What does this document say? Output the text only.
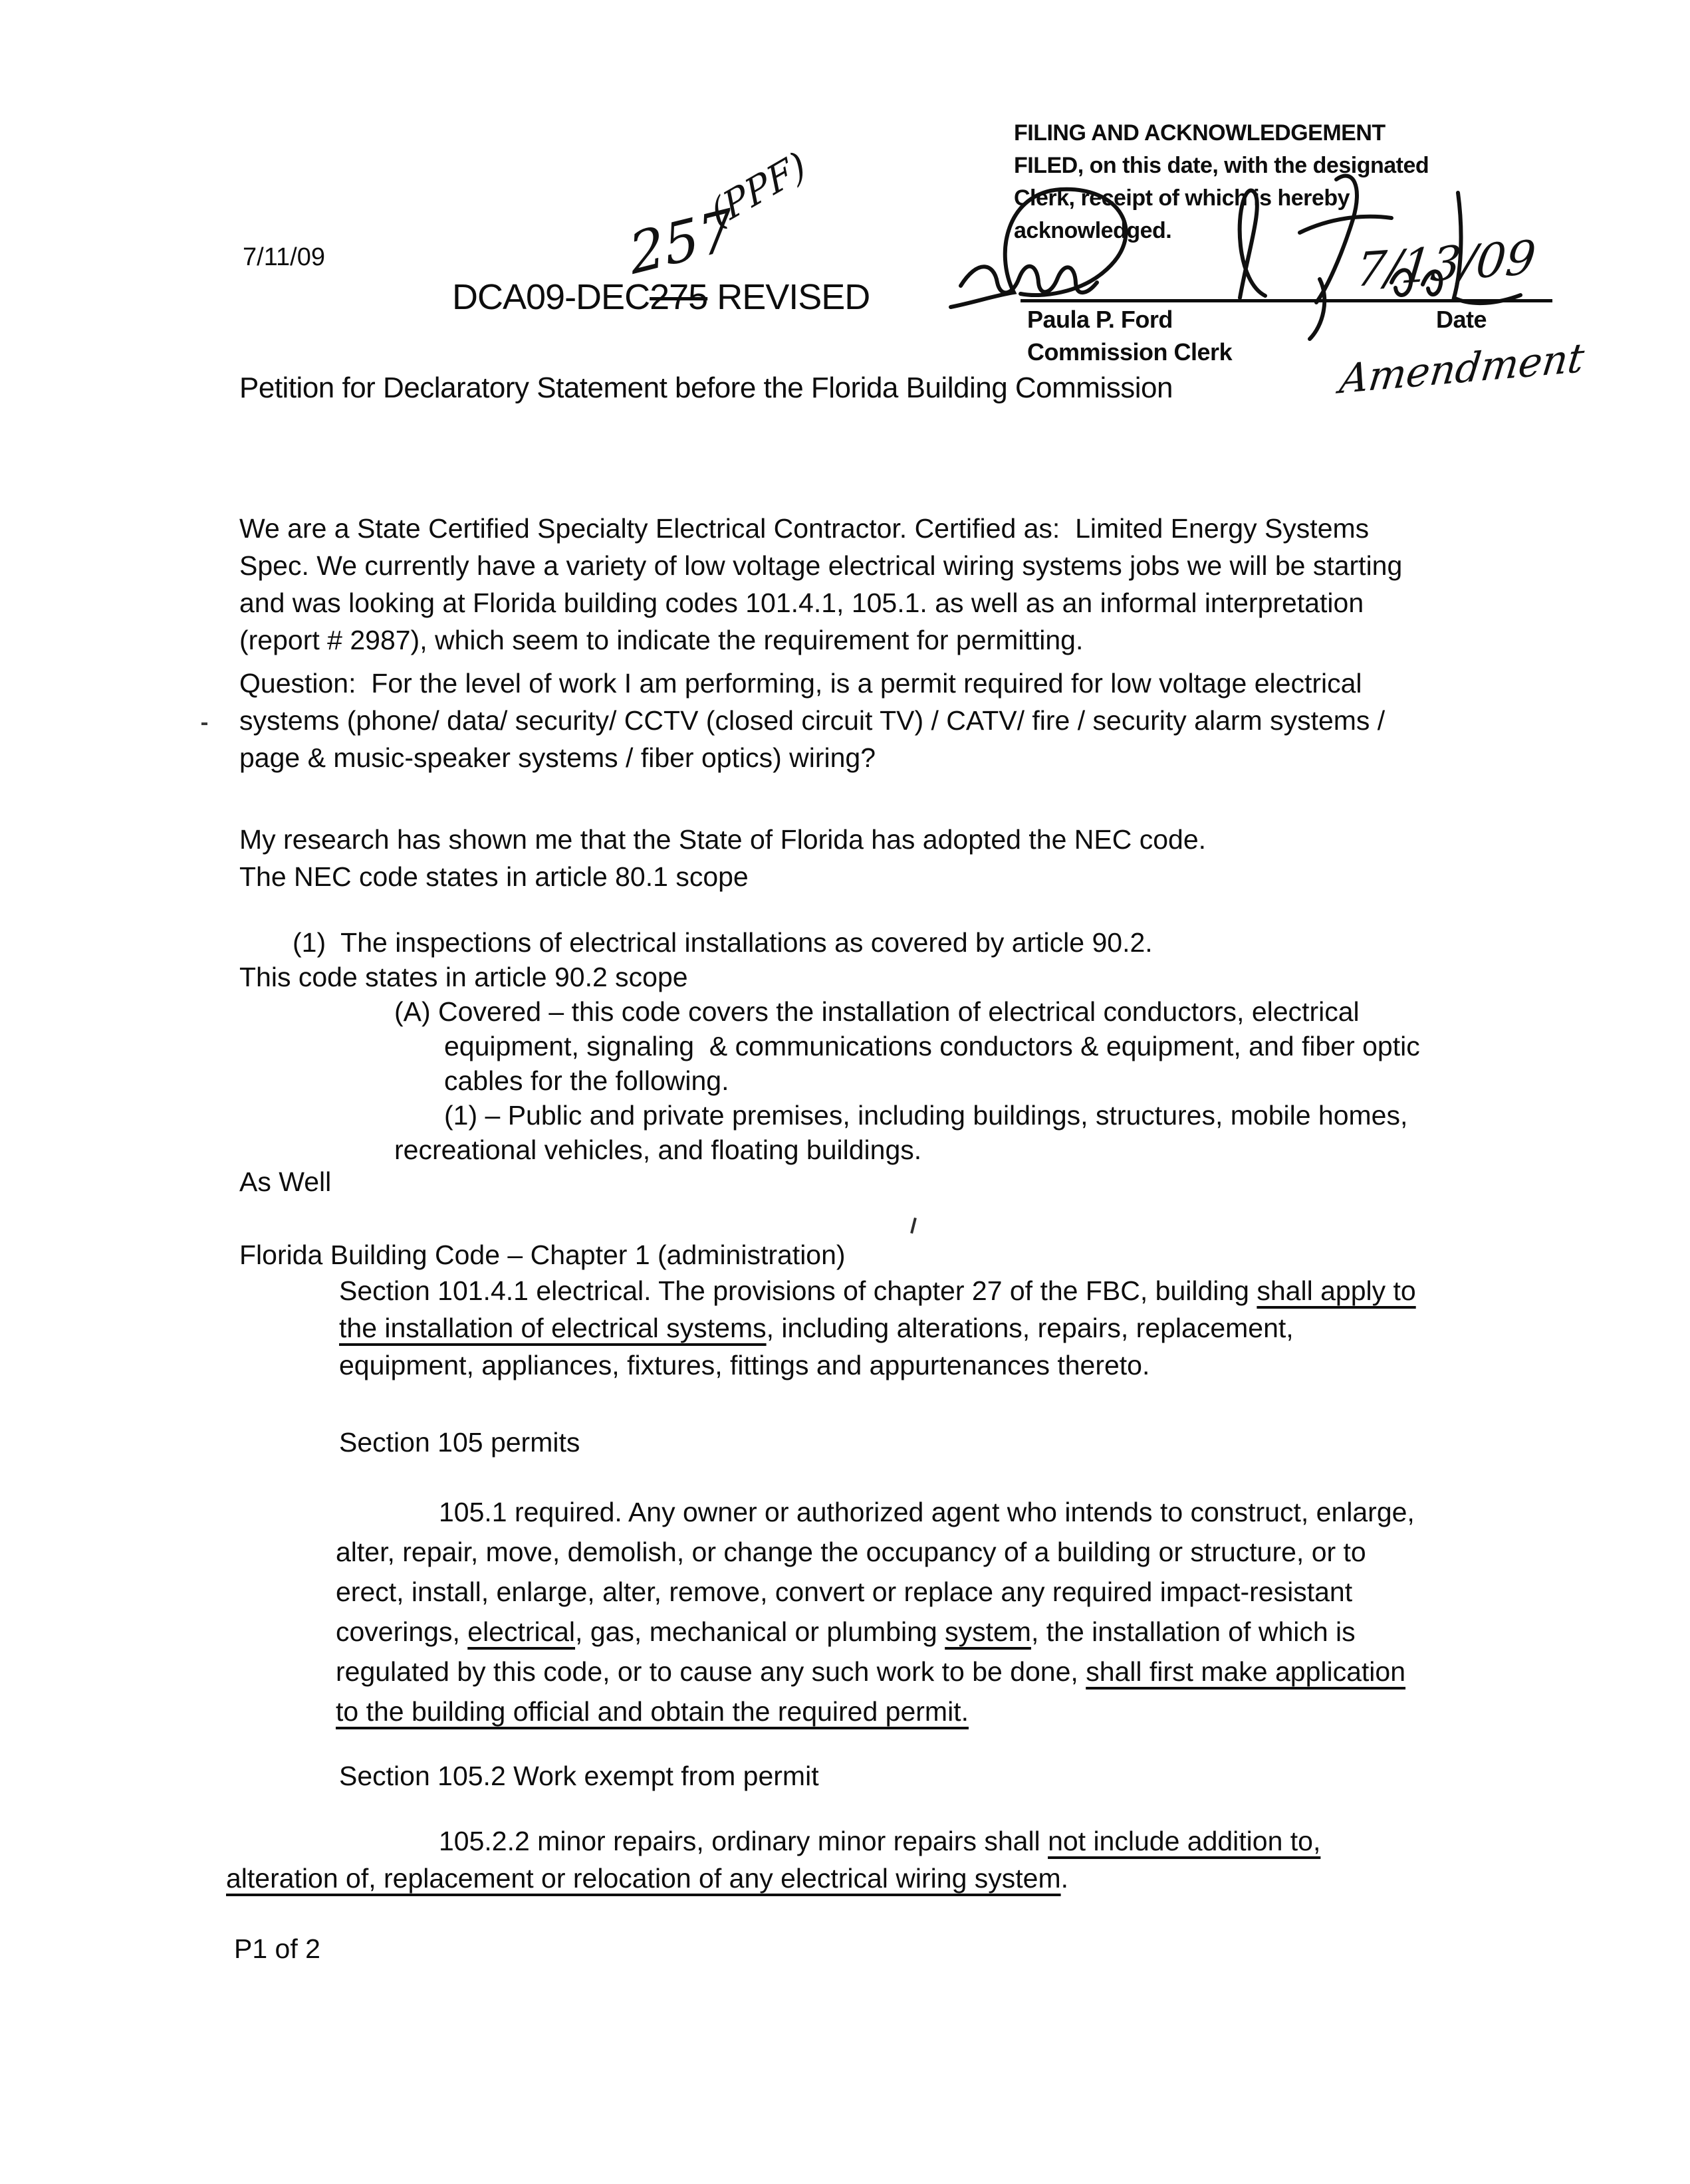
7/11/09
DCA09-DEC275 REVISED
257
(PPF)
FILING AND ACKNOWLEDGEMENT
FILED, on this date, with the designated
Clerk, receipt of which is hereby
acknowledged.	7/13/09
Paula P. Ford	Date
Commission Clerk
Petition for Declaratory Statement before the Florida Building Commission	Amendment
We are a State Certified Specialty Electrical Contractor. Certified as:  Limited Energy Systems
Spec. We currently have a variety of low voltage electrical wiring systems jobs we will be starting
and was looking at Florida building codes 101.4.1, 105.1. as well as an informal interpretation
(report # 2987), which seem to indicate the requirement for permitting.
Question:  For the level of work I am performing, is a permit required for low voltage electrical
systems (phone/ data/ security/ CCTV (closed circuit TV) / CATV/ fire / security alarm systems /
page & music-speaker systems / fiber optics) wiring?
My research has shown me that the State of Florida has adopted the NEC code.
The NEC code states in article 80.1 scope
(1)  The inspections of electrical installations as covered by article 90.2.
This code states in article 90.2 scope
(A) Covered – this code covers the installation of electrical conductors, electrical
equipment, signaling  & communications conductors & equipment, and fiber optic
cables for the following.
(1) – Public and private premises, including buildings, structures, mobile homes,
recreational vehicles, and floating buildings.
As Well
Florida Building Code – Chapter 1 (administration)
Section 101.4.1 electrical. The provisions of chapter 27 of the FBC, building shall apply to
the installation of electrical systems, including alterations, repairs, replacement,
equipment, appliances, fixtures, fittings and appurtenances thereto.
Section 105 permits
105.1 required. Any owner or authorized agent who intends to construct, enlarge,
alter, repair, move, demolish, or change the occupancy of a building or structure, or to
erect, install, enlarge, alter, remove, convert or replace any required impact-resistant
coverings, electrical, gas, mechanical or plumbing system, the installation of which is
regulated by this code, or to cause any such work to be done, shall first make application
to the building official and obtain the required permit.
Section 105.2 Work exempt from permit
105.2.2 minor repairs, ordinary minor repairs shall not include addition to,
alteration of, replacement or relocation of any electrical wiring system.
P1 of 2
